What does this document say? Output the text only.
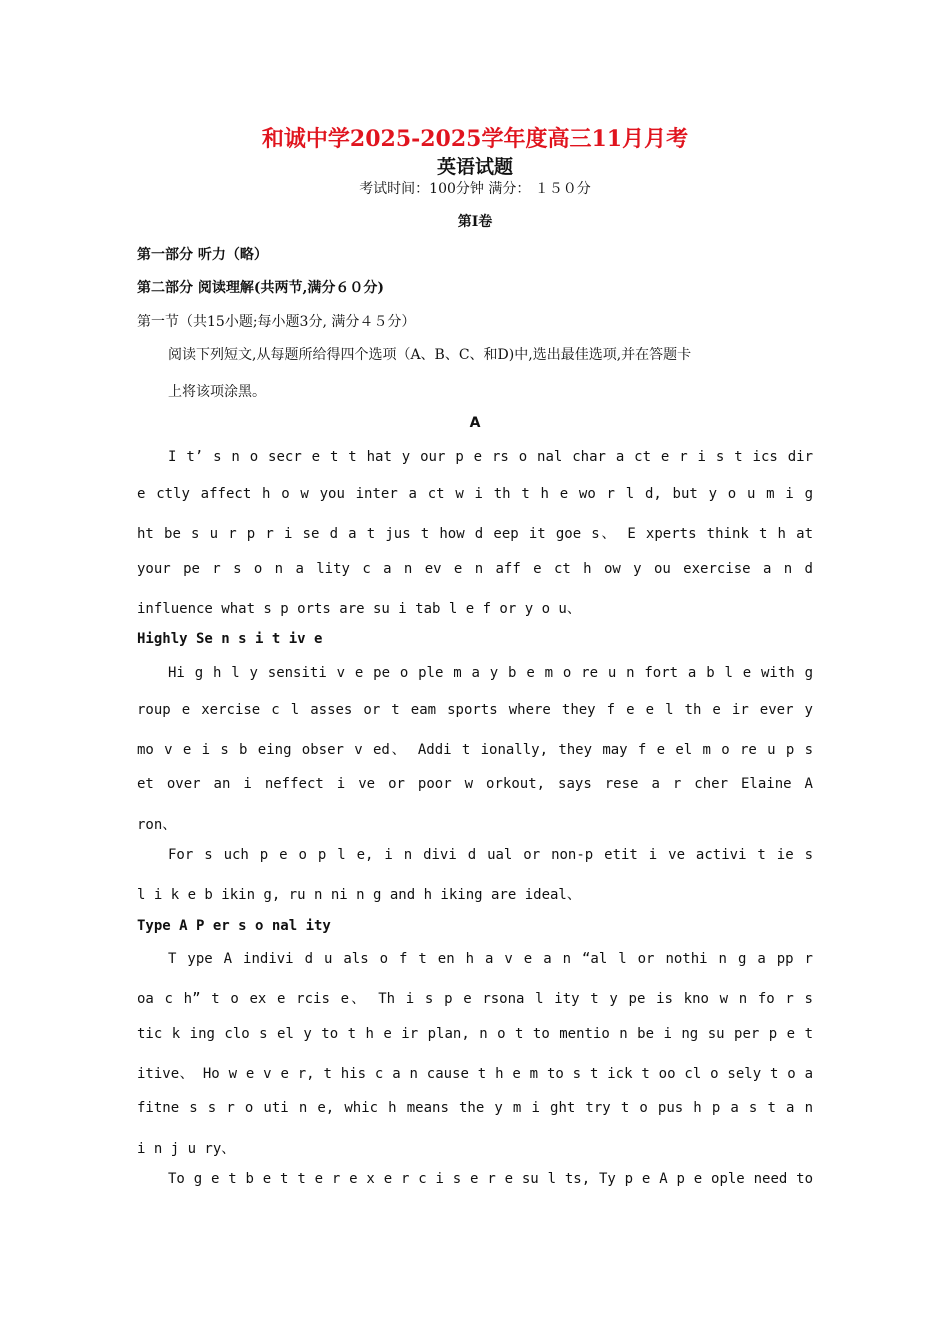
和诚中学2025-2025学年度高三11月月考
英语试题
考试时间：100分钟 满分： １５０分
第Ⅰ卷
第一部分 听力（略）
第二部分 阅读理解(共两节,满分６０分)
第一节（共15小题;每小题3分, 满分４５分）
阅读下列短文,从每题所给得四个选项（A、B、C、和D)中,选出最佳选项,并在答题卡
上将该项涂黑。
A
I t’ s n o secr e t t hat y our p e rs o nal char a ct e r i s t ics dir
e ctly affect h o w you inter a ct w i th t h e wo r l d, but y o u m i g
ht be s u r p r i se d a t jus t how d eep it goe s、 E xperts think t h at
your pe r s o n a lity c a n ev e n aff e ct h ow y ou exercise a n d
influence what s p orts are su i tab l e f or y o u、
Highly Se n s i t iv e
Hi g h l y sensiti v e pe o ple m a y b e m o re u n fort a b l e with g
roup e xercise c l asses or t eam sports where they f e e l th e ir ever y
mo v e i s b eing obser v ed、 Addi t ionally, they may f e el m o re u p s
et over an i neffect i ve or poor w orkout, says rese a r cher Elaine A
ron、
For s uch p e o p l e, i n divi d ual or non-p etit i ve activi t ie s
l i k e b ikin g, ru n ni n g and h iking are ideal、
Type A P er s o nal ity
T ype A indivi d u als o f t en h a v e a n “al l or nothi n g a pp r
oa c h” t o ex e rcis e、 Th i s p e rsona l ity t y pe is kno w n fo r s
tic k ing clo s el y to t h e ir plan, n o t to mentio n be i ng su per p e t
itive、 Ho w e v e r, t his c a n cause t h e m to s t ick t oo cl o sely t o a
fitne s s r o uti n e, whic h means the y m i ght try t o pus h p a s t a n
i n j u ry、
To g e t b e t t e r e x e r c i s e r e su l ts, Ty p e A p e ople need to
